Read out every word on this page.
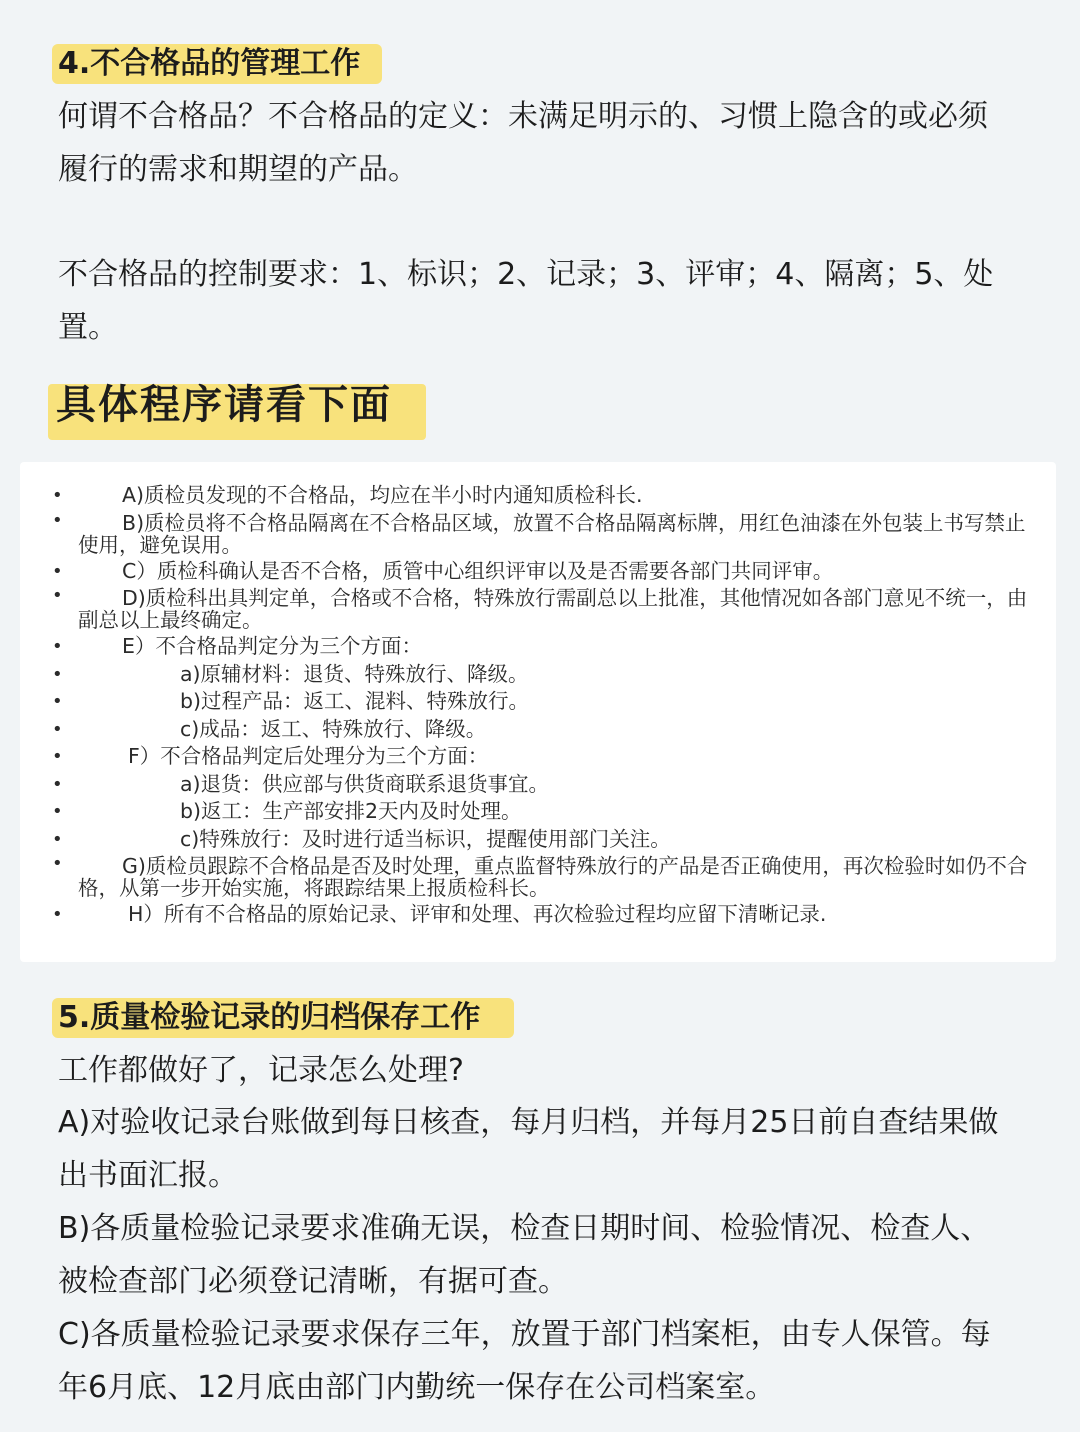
4.不合格品的管理工作

何谓不合格品？不合格品的定义：未满足明示的、习惯上隐含的或必须履行的需求和期望的产品。

不合格品的控制要求：1、标识；2、记录；3、评审；4、隔离；5、处置。

具体程序请看下面
•	A)质检员发现的不合格品，均应在半小时内通知质检科长.
•	B)质检员将不合格品隔离在不合格品区域，放置不合格品隔离标牌，用红色油漆在外包装上书写禁止使用，避免误用。
•	C）质检科确认是否不合格，质管中心组织评审以及是否需要各部门共同评审。
•	D)质检科出具判定单，合格或不合格，特殊放行需副总以上批准，其他情况如各部门意见不统一，由副总以上最终确定。
•	E）不合格品判定分为三个方面：
•	a)原辅材料：退货、特殊放行、降级。
•	b)过程产品：返工、混料、特殊放行。
•	c)成品：返工、特殊放行、降级。
•	F）不合格品判定后处理分为三个方面：
•	a)退货：供应部与供货商联系退货事宜。
•	b)返工：生产部安排2天内及时处理。
•	c)特殊放行：及时进行适当标识，提醒使用部门关注。
•	G)质检员跟踪不合格品是否及时处理，重点监督特殊放行的产品是否正确使用，再次检验时如仍不合格，从第一步开始实施，将跟踪结果上报质检科长。
•	H）所有不合格品的原始记录、评审和处理、再次检验过程均应留下清晰记录.
5.质量检验记录的归档保存工作

工作都做好了，记录怎么处理?

A)对验收记录台账做到每日核查，每月归档，并每月25日前自查结果做出书面汇报。

B)各质量检验记录要求准确无误，检查日期时间、检验情况、检查人、被检查部门必须登记清晰，有据可查。

C)各质量检验记录要求保存三年，放置于部门档案柜，由专人保管。每年6月底、12月底由部门内勤统一保存在公司档案室。
